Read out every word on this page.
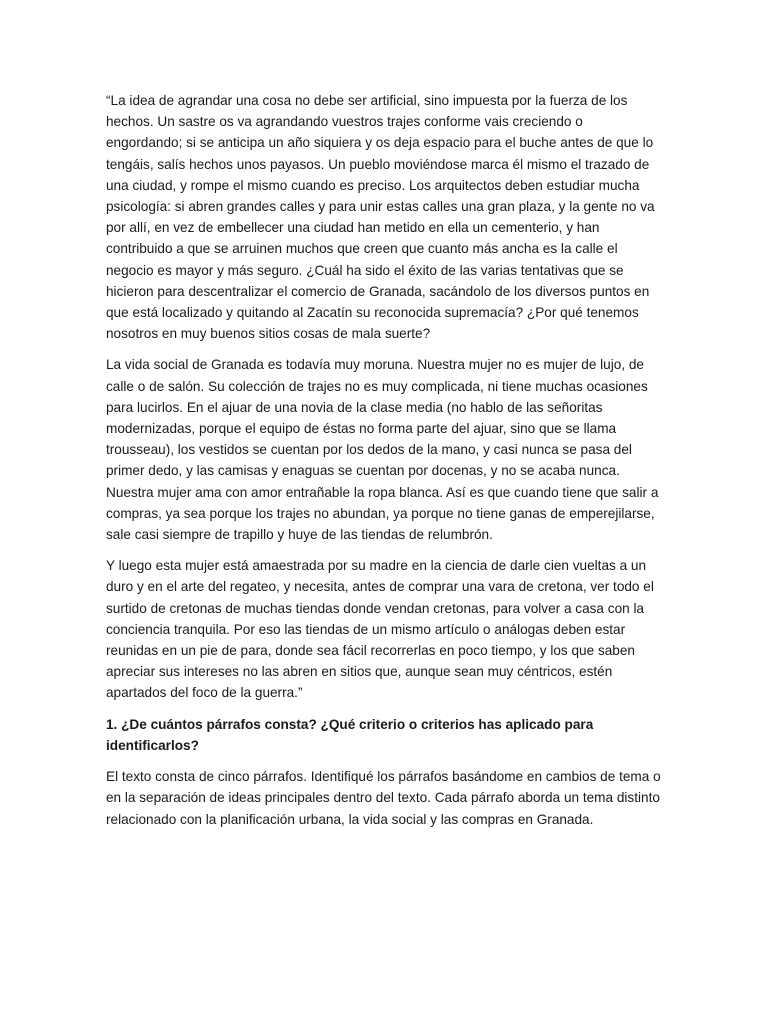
“La idea de agrandar una cosa no debe ser artificial, sino impuesta por la fuerza de los hechos. Un sastre os va agrandando vuestros trajes conforme vais creciendo o engordando; si se anticipa un año siquiera y os deja espacio para el buche antes de que lo tengáis, salís hechos unos payasos. Un pueblo moviéndose marca él mismo el trazado de una ciudad, y rompe el mismo cuando es preciso. Los arquitectos deben estudiar mucha psicología: si abren grandes calles y para unir estas calles una gran plaza, y la gente no va por allí, en vez de embellecer una ciudad han metido en ella un cementerio, y han contribuido a que se arruinen muchos que creen que cuanto más ancha es la calle el negocio es mayor y más seguro. ¿Cuál ha sido el éxito de las varias tentativas que se hicieron para descentralizar el comercio de Granada, sacándolo de los diversos puntos en que está localizado y quitando al Zacatín su reconocida supremacía? ¿Por qué tenemos nosotros en muy buenos sitios cosas de mala suerte?

La vida social de Granada es todavía muy moruna. Nuestra mujer no es mujer de lujo, de calle o de salón. Su colección de trajes no es muy complicada, ni tiene muchas ocasiones para lucirlos. En el ajuar de una novia de la clase media (no hablo de las señoritas modernizadas, porque el equipo de éstas no forma parte del ajuar, sino que se llama trousseau), los vestidos se cuentan por los dedos de la mano, y casi nunca se pasa del primer dedo, y las camisas y enaguas se cuentan por docenas, y no se acaba nunca. Nuestra mujer ama con amor entrañable la ropa blanca. Así es que cuando tiene que salir a compras, ya sea porque los trajes no abundan, ya porque no tiene ganas de emperejilarse, sale casi siempre de trapillo y huye de las tiendas de relumbrón.

Y luego esta mujer está amaestrada por su madre en la ciencia de darle cien vueltas a un duro y en el arte del regateo, y necesita, antes de comprar una vara de cretona, ver todo el surtido de cretonas de muchas tiendas donde vendan cretonas, para volver a casa con la conciencia tranquila. Por eso las tiendas de un mismo artículo o análogas deben estar reunidas en un pie de para, donde sea fácil recorrerlas en poco tiempo, y los que saben apreciar sus intereses no las abren en sitios que, aunque sean muy céntricos, estén apartados del foco de la guerra.”

1. ¿De cuántos párrafos consta? ¿Qué criterio o criterios has aplicado para identificarlos?

El texto consta de cinco párrafos. Identifiqué los párrafos basándome en cambios de tema o en la separación de ideas principales dentro del texto. Cada párrafo aborda un tema distinto relacionado con la planificación urbana, la vida social y las compras en Granada.
